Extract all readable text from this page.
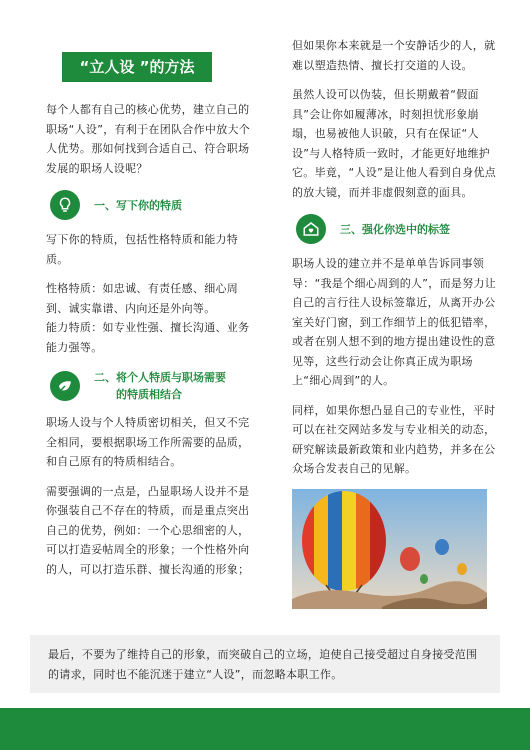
“立人设 ”的方法

每个人都有自己的核心优势，建立自己的职场“人设”，有利于在团队合作中放大个人优势。那如何找到合适自己、符合职场发展的职场人设呢？

一、写下你的特质

写下你的特质，包括性格特质和能力特质。

性格特质：如忠诚、有责任感、细心周到、诚实靠谱、内向还是外向等。

能力特质：如专业性强、擅长沟通、业务能力强等。

二、将个人特质与职场需要
的特质相结合

职场人设与个人特质密切相关，但又不完全相同，要根据职场工作所需要的品质，和自己原有的特质相结合。

需要强调的一点是，凸显职场人设并不是你强装自己不存在的特质，而是重点突出自己的优势，例如：一个心思细密的人，可以打造妥帖周全的形象；一个性格外向的人，可以打造乐群、擅长沟通的形象；

但如果你本来就是一个安静话少的人，就难以塑造热情、擅长打交道的人设。

虽然人设可以伪装，但长期戴着“假面具”会让你如履薄冰，时刻担忧形象崩塌，也易被他人识破，只有在保证“人设”与人格特质一致时，才能更好地维护它。毕竟，“人设”是让他人看到自身优点的放大镜，而并非虚假刻意的面具。

三、强化你选中的标签

职场人设的建立并不是单单告诉同事领导：“我是个细心周到的人”，而是努力让自己的言行往人设标签靠近，从离开办公室关好门窗，到工作细节上的低犯错率，或者在别人想不到的地方提出建设性的意见等，这些行动会让你真正成为职场上“细心周到”的人。

同样，如果你想凸显自己的专业性，平时可以在社交网站多发与专业相关的动态，研究解读最新政策和业内趋势，并多在公众场合发表自己的见解。

最后，不要为了维持自己的形象，而突破自己的立场，迫使自己接受超过自身接受范围的请求，同时也不能沉迷于建立“人设”，而忽略本职工作。
